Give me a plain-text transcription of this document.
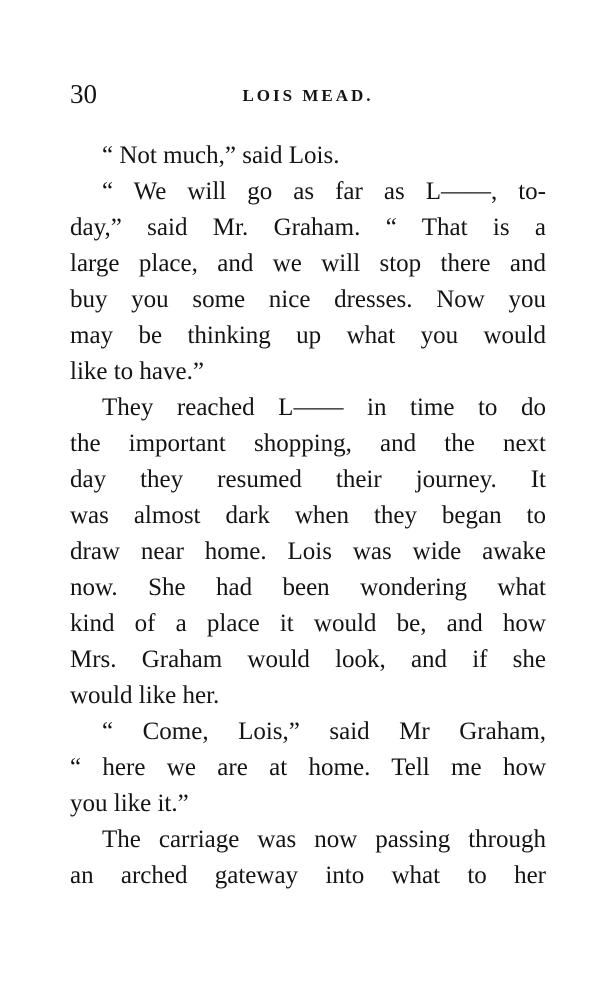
30	LOIS MEAD.
“ Not much,” said Lois.
“ We will go as far as L——, to-
day,” said Mr. Graham. “ That is a
large place, and we will stop there and
buy you some nice dresses. Now you
may be thinking up what you would
like to have.”
They reached L—— in time to do
the important shopping, and the next
day they resumed their journey. It
was almost dark when they began to
draw near home. Lois was wide awake
now. She had been wondering what
kind of a place it would be, and how
Mrs. Graham would look, and if she
would like her.
“ Come, Lois,” said Mr Graham,
“ here we are at home. Tell me how
you like it.”
The carriage was now passing through
an arched gateway into what to her
